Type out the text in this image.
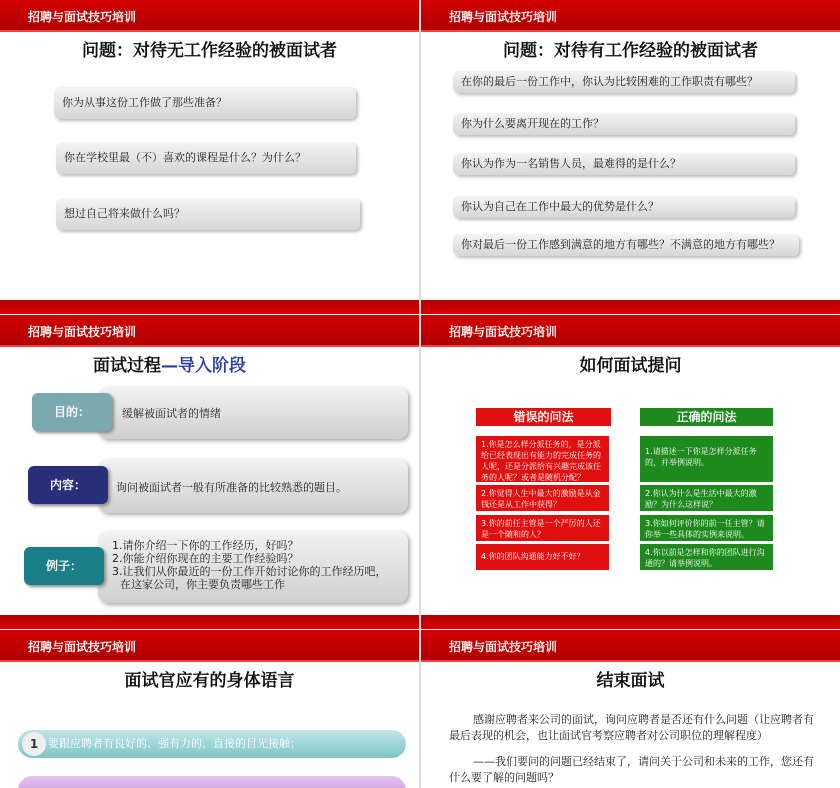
招聘与面试技巧培训
问题：对待无工作经验的被面试者
你为从事这份工作做了那些准备？
你在学校里最（不）喜欢的课程是什么？为什么？
想过自己将来做什么吗？
招聘与面试技巧培训
问题：对待有工作经验的被面试者
在你的最后一份工作中，你认为比较困难的工作职责有哪些？
你为什么要离开现在的工作？
你认为作为一名销售人员，最难得的是什么？
你认为自己在工作中最大的优势是什么？
你对最后一份工作感到满意的地方有哪些？不满意的地方有哪些？
招聘与面试技巧培训
面试过程—导入阶段
缓解被面试者的情绪
目的：
询问被面试者一般有所准备的比较熟悉的题目。
内容：
1.请你介绍一下你的工作经历，好吗？
2.你能介绍你现在的主要工作经验吗？
3.让我们从你最近的一份工作开始讨论你的工作经历吧，
在这家公司，你主要负责哪些工作
例子：
招聘与面试技巧培训
如何面试提问
错误的问法	正确的问法
1.你是怎么样分派任务的，是分派给已经表现出有能力的完成任务的人呢，还是分派给有兴趣完成该任务的人呢？或者是随机分配？
2.你觉得人生中最大的激励是从金钱还是从工作中获得？
3.你的前任主管是一个严厉的人还是一个随和的人？
4.你的团队沟通能力好不好？
1.请描述一下你是怎样分派任务的，并举例说明。
2.你认为什么是生活中最大的激励？为什么这样说？
3.你如何评价你的前一任主管？请你举一些具体的实例来说明。
4.你以前是怎样和你的团队进行沟通的？请举例说明。
招聘与面试技巧培训
面试官应有的身体语言
要跟应聘者有良好的、强有力的、直接的目光接触；
1
招聘与面试技巧培训
结束面试
感谢应聘者来公司的面试，询问应聘者是否还有什么问题（让应聘者有最后表现的机会，也让面试官考察应聘者对公司职位的理解程度）
——我们要问的问题已经结束了，请问关于公司和未来的工作，您还有什么要了解的问题吗？
